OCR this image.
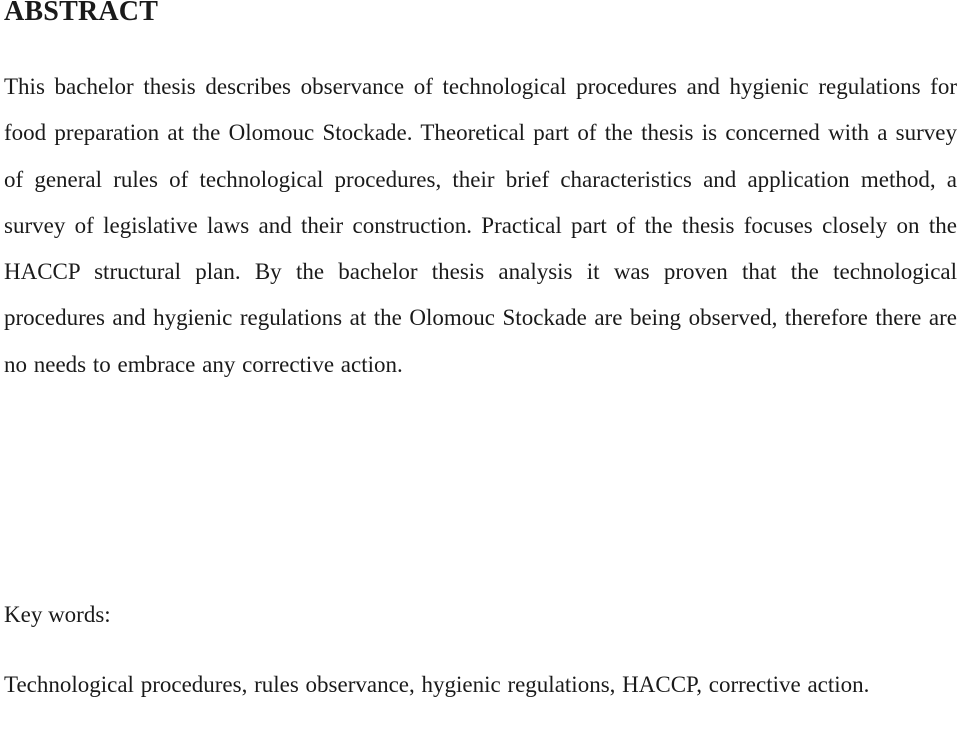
ABSTRACT

This bachelor thesis describes observance of technological procedures and hygienic regulations for food preparation at the Olomouc Stockade. Theoretical part of the thesis is concerned with a survey of general rules of technological procedures, their brief characteristics and application method, a survey of legislative laws and their construction. Practical part of the thesis focuses closely on the HACCP structural plan. By the bachelor thesis analysis it was proven that the technological procedures and hygienic regulations at the Olomouc Stockade are being observed, therefore there are no needs to embrace any corrective action.

Key words:

Technological procedures, rules observance, hygienic regulations, HACCP, corrective action.
